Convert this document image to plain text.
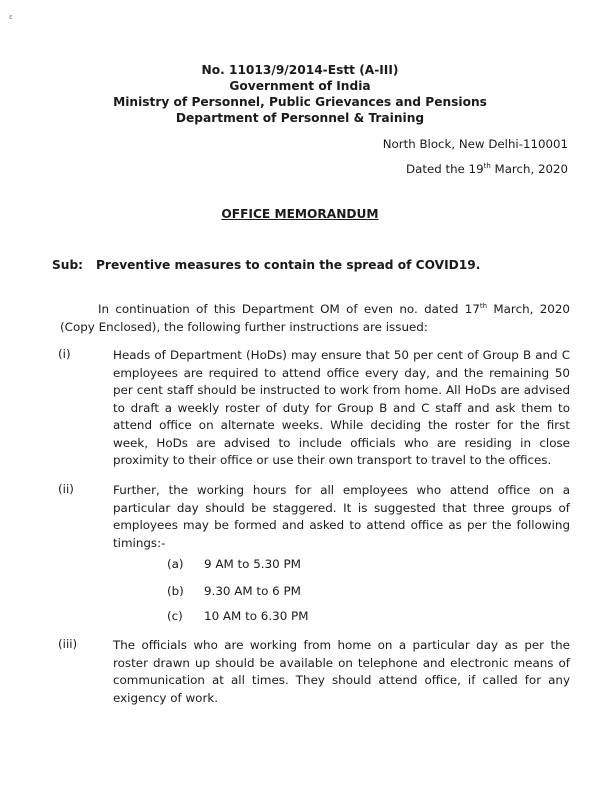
ɛ
No. 11013/9/2014-Estt (A-III)
Government of India
Ministry of Personnel, Public Grievances and Pensions
Department of Personnel & Training
North Block, New Delhi-110001
Dated the 19th March, 2020
OFFICE MEMORANDUM
Sub: Preventive measures to contain the spread of COVID19.
In continuation of this Department OM of even no. dated 17th March, 2020 (Copy Enclosed), the following further instructions are issued:
(i)	Heads of Department (HoDs) may ensure that 50 per cent of Group B and C employees are required to attend office every day, and the remaining 50 per cent staff should be instructed to work from home. All HoDs are advised to draft a weekly roster of duty for Group B and C staff and ask them to attend office on alternate weeks. While deciding the roster for the first week, HoDs are advised to include officials who are residing in close proximity to their office or use their own transport to travel to the offices.
(ii)	Further, the working hours for all employees who attend office on a particular day should be staggered. It is suggested that three groups of employees may be formed and asked to attend office as per the following timings:-
(a) 9 AM to 5.30 PM
(b) 9.30 AM to 6 PM
(c) 10 AM to 6.30 PM
(iii)	The officials who are working from home on a particular day as per the roster drawn up should be available on telephone and electronic means of communication at all times. They should attend office, if called for any exigency of work.
